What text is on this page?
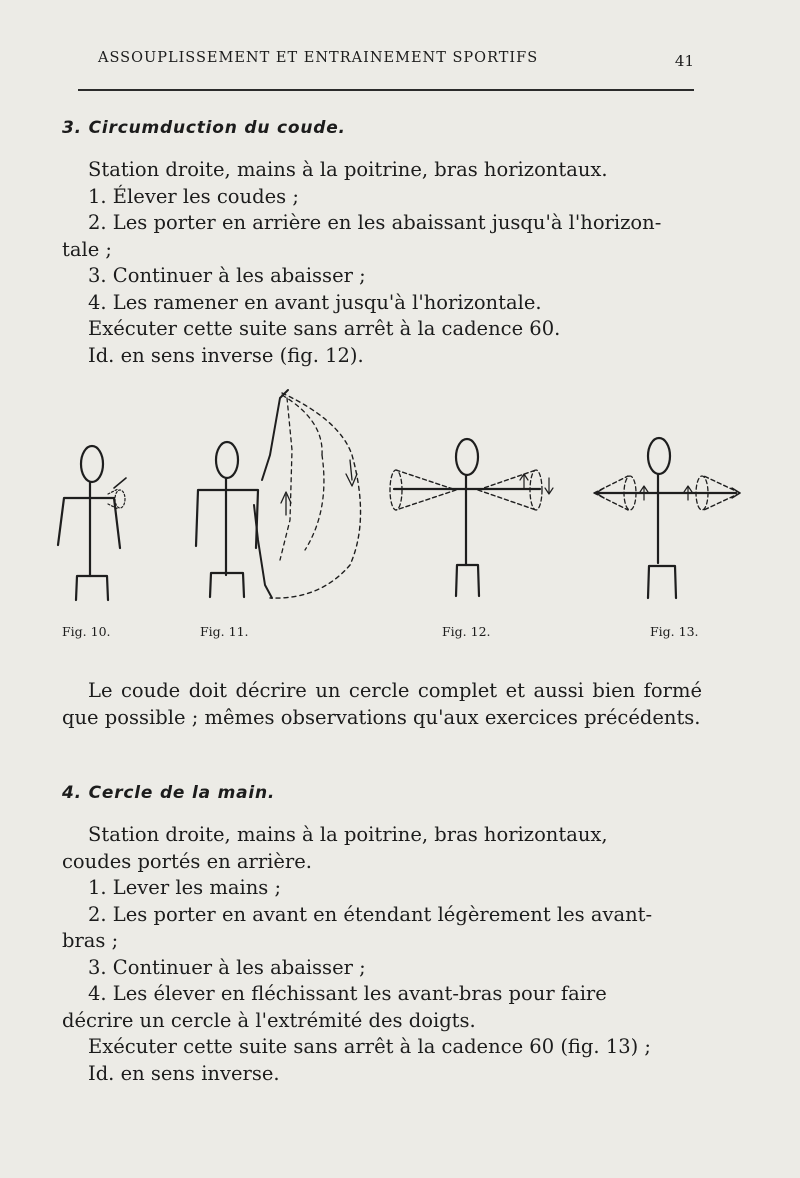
ASSOUPLISSEMENT ET ENTRAINEMENT SPORTIFS	41
3. Circumduction du coude.

Station droite, mains à la poitrine, bras horizontaux.

1. Élever les coudes ;

2. Les porter en arrière en les abaissant jusqu'à l'horizon-

tale ;

3. Continuer à les abaisser ;

4. Les ramener en avant jusqu'à l'horizontale.

Exécuter cette suite sans arrêt à la cadence 60.

Id. en sens inverse (fig. 12).

Fig. 10.	Fig. 11.	Fig. 12.	Fig. 13.

Le coude doit décrire un cercle complet et aussi bien formé que possible ; mêmes observations qu'aux exercices précédents.

4. Cercle de la main.

Station droite, mains à la poitrine, bras horizontaux,

coudes portés en arrière.

1. Lever les mains ;

2. Les porter en avant en étendant légèrement les avant-

bras ;

3. Continuer à les abaisser ;

4. Les élever en fléchissant les avant-bras pour faire

décrire un cercle à l'extrémité des doigts.

Exécuter cette suite sans arrêt à la cadence 60 (fig. 13) ;

Id. en sens inverse.
